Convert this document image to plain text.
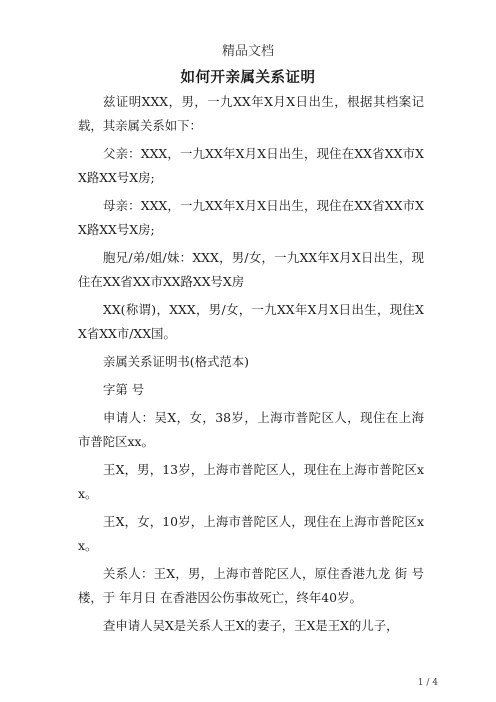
精品文档
如何开亲属关系证明

兹证明XXX，男，一九XX年X月X日出生，根据其档案记载，其亲属关系如下：

父亲：XXX，一九XX年X月X日出生，现住在XX省XX市XX路XX号X房;

母亲：XXX，一九XX年X月X日出生，现住在XX省XX市XX路XX号X房;

胞兄/弟/姐/妹：XXX，男/女，一九XX年X月X日出生，现住在XX省XX市XX路XX号X房

XX(称谓)，XXX，男/女，一九XX年X月X日出生，现住XX省XX市/XX国。

亲属关系证明书(格式范本)

字第 号

申请人：吴X，女，38岁，上海市普陀区人，现住在上海市普陀区xx。

王X，男，13岁，上海市普陀区人，现住在上海市普陀区xx。

王X，女，10岁，上海市普陀区人，现住在上海市普陀区xx。

关系人：王X，男，上海市普陀区人，原住香港九龙 街 号楼，于 年月日 在香港因公伤事故死亡，终年40岁。

查申请人吴X是关系人王X的妻子，王X是王X的儿子，

1 / 4
